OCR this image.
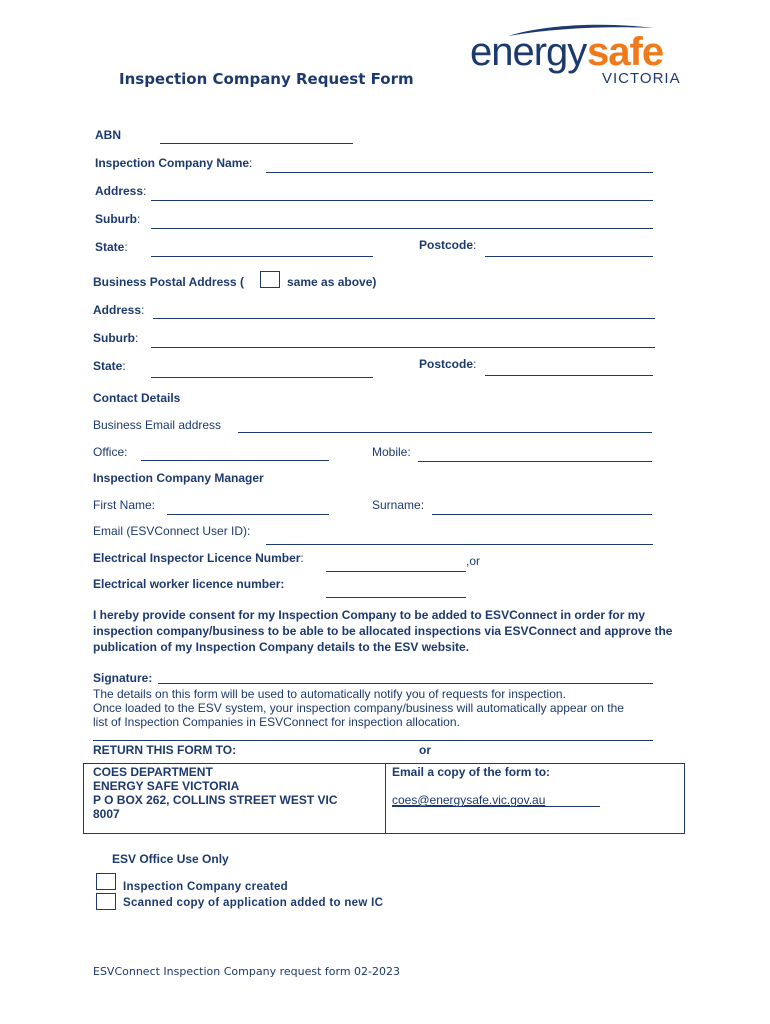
energy safe
VICTORIA
Inspection Company Request Form
ABN
Inspection Company Name:
Address:
Suburb:
State:	Postcode:
Business Postal Address (	same as above)
Address:
Suburb:
State:	Postcode:
Contact Details
Business Email address
Office:	Mobile:
Inspection Company Manager
First Name:	Surname:
Email (ESVConnect User ID):
Electrical Inspector Licence Number:	,or
Electrical worker licence number:
I hereby provide consent for my Inspection Company to be added to ESVConnect in order for my inspection company/business to be able to be allocated inspections via ESVConnect and approve the publication of my Inspection Company details to the ESV website.
Signature:
The details on this form will be used to automatically notify you of requests for inspection.
Once loaded to the ESV system, your inspection company/business will automatically appear on the
list of Inspection Companies in ESVConnect for inspection allocation.
RETURN THIS FORM TO:	or
COES DEPARTMENT
ENERGY SAFE VICTORIA
P O BOX 262, COLLINS STREET WEST VIC
8007
Email a copy of the form to:
coes@energysafe.vic.gov.au
ESV Office Use Only
Inspection Company created
Scanned copy of application added to new IC
ESVConnect Inspection Company request form 02-2023
